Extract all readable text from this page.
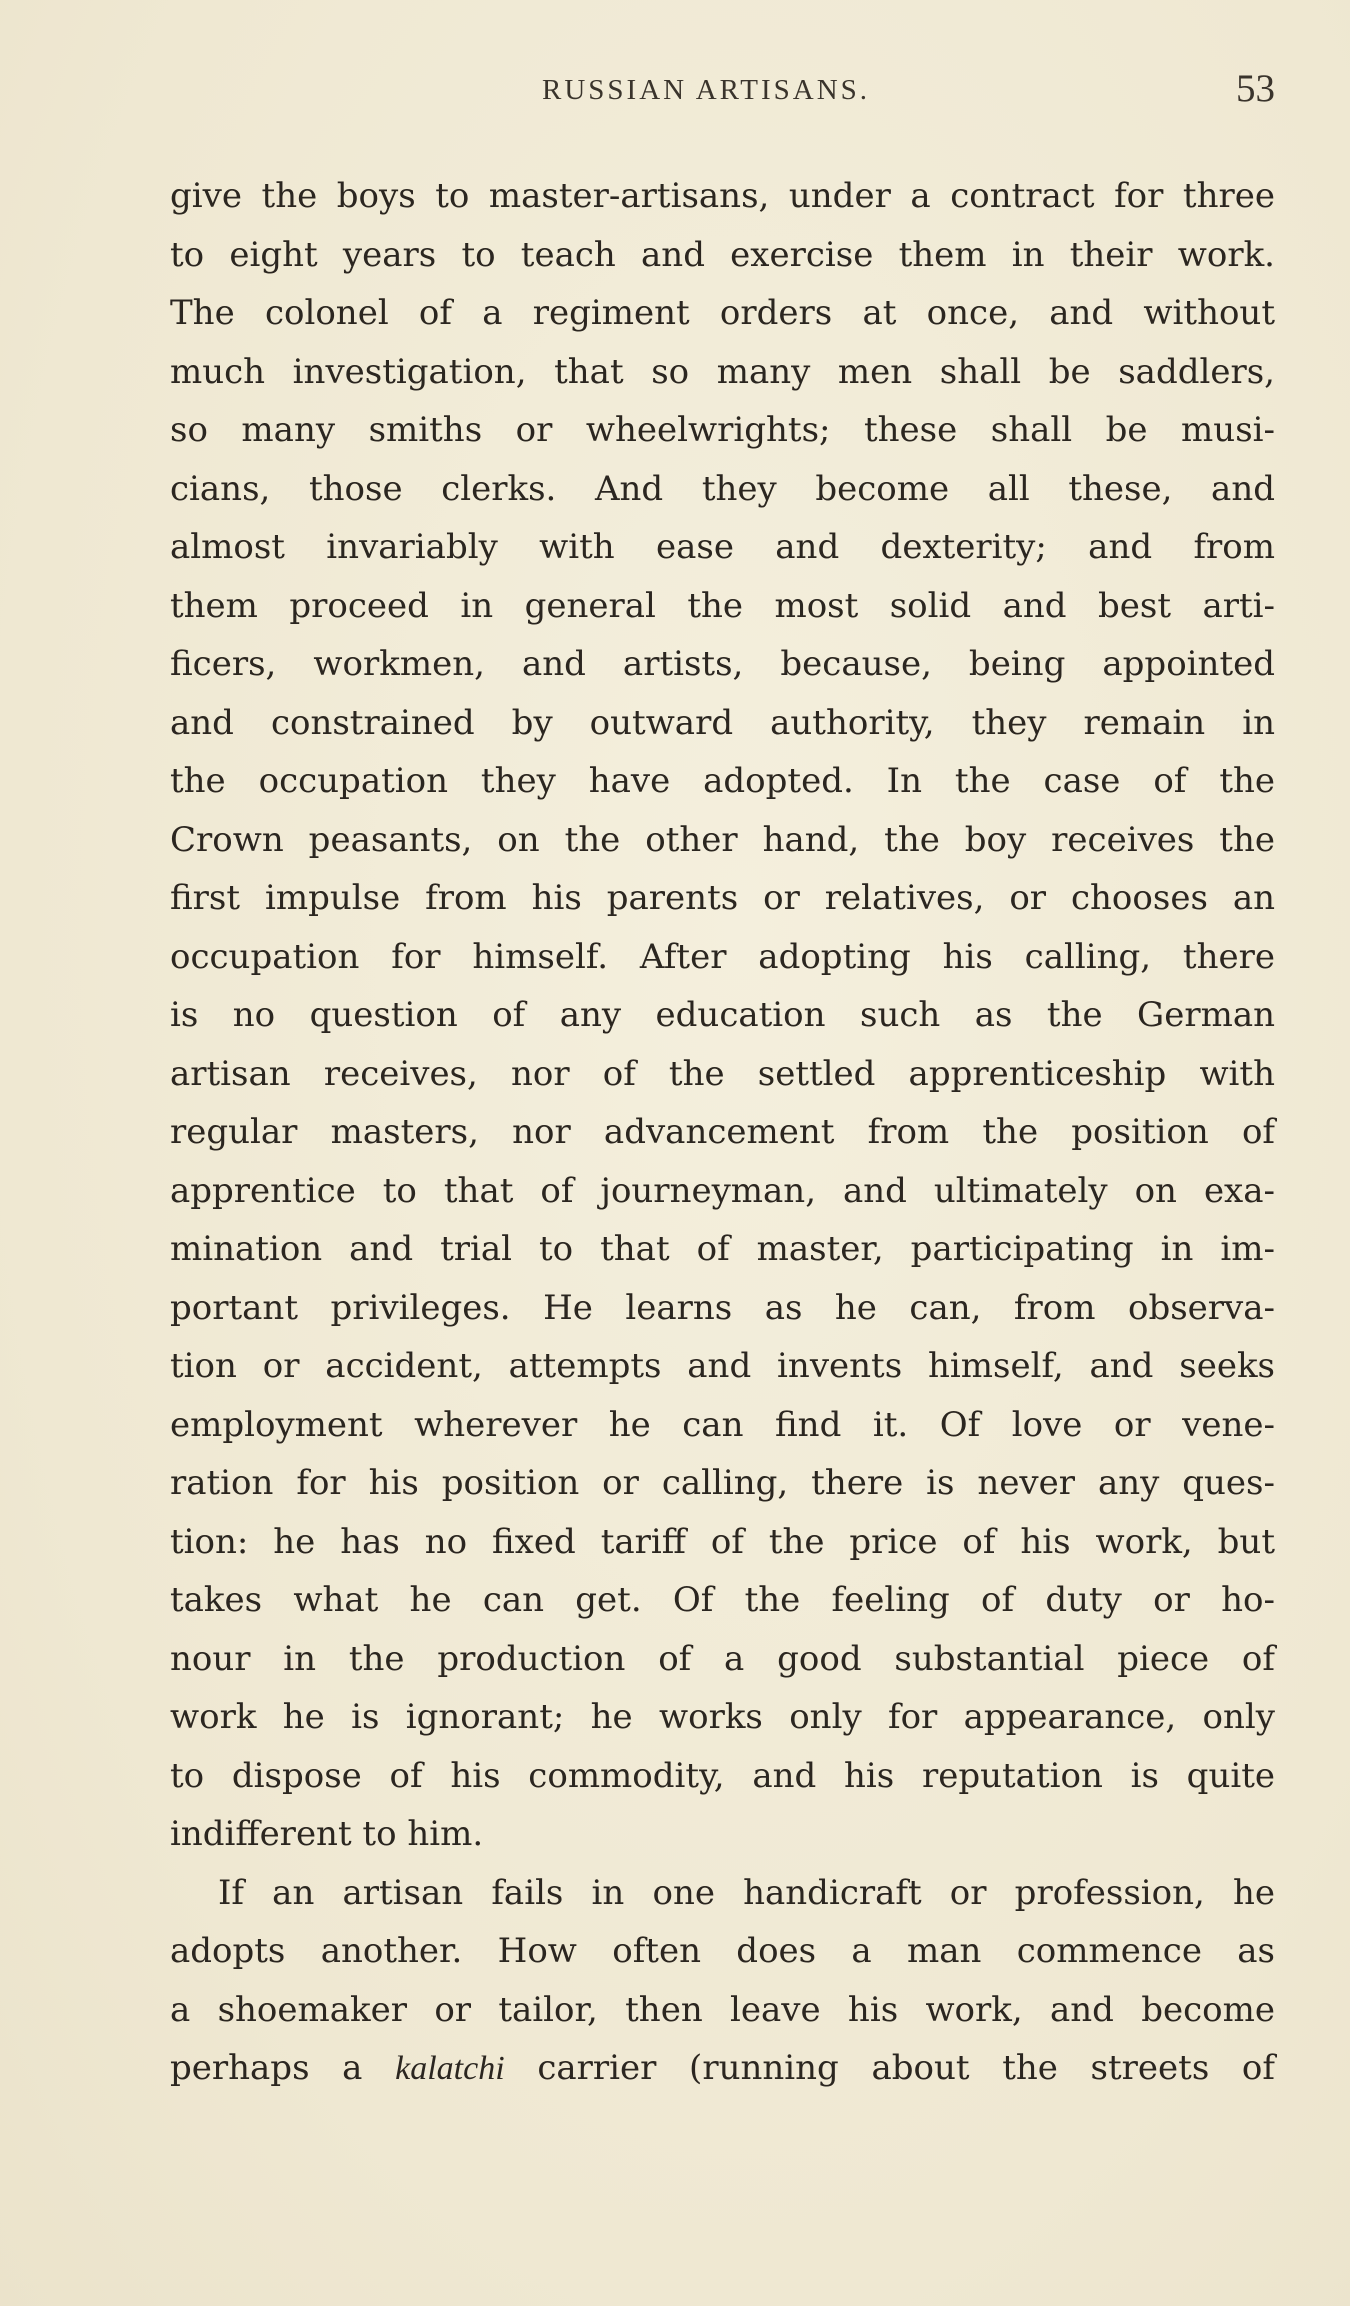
RUSSIAN ARTISANS.	53
give the boys to master-artisans, under a contract for three
to eight years to teach and exercise them in their work.
The colonel of a regiment orders at once, and without
much investigation, that so many men shall be saddlers,
so many smiths or wheelwrights; these shall be musi-
cians, those clerks. And they become all these, and
almost invariably with ease and dexterity; and from
them proceed in general the most solid and best arti-
ficers, workmen, and artists, because, being appointed
and constrained by outward authority, they remain in
the occupation they have adopted. In the case of the
Crown peasants, on the other hand, the boy receives the
first impulse from his parents or relatives, or chooses an
occupation for himself. After adopting his calling, there
is no question of any education such as the German
artisan receives, nor of the settled apprenticeship with
regular masters, nor advancement from the position of
apprentice to that of journeyman, and ultimately on exa-
mination and trial to that of master, participating in im-
portant privileges. He learns as he can, from observa-
tion or accident, attempts and invents himself, and seeks
employment wherever he can find it. Of love or vene-
ration for his position or calling, there is never any ques-
tion: he has no fixed tariff of the price of his work, but
takes what he can get. Of the feeling of duty or ho-
nour in the production of a good substantial piece of
work he is ignorant; he works only for appearance, only
to dispose of his commodity, and his reputation is quite
indifferent to him.
If an artisan fails in one handicraft or profession, he
adopts another. How often does a man commence as
a shoemaker or tailor, then leave his work, and become
perhaps a kalatchi carrier (running about the streets of
